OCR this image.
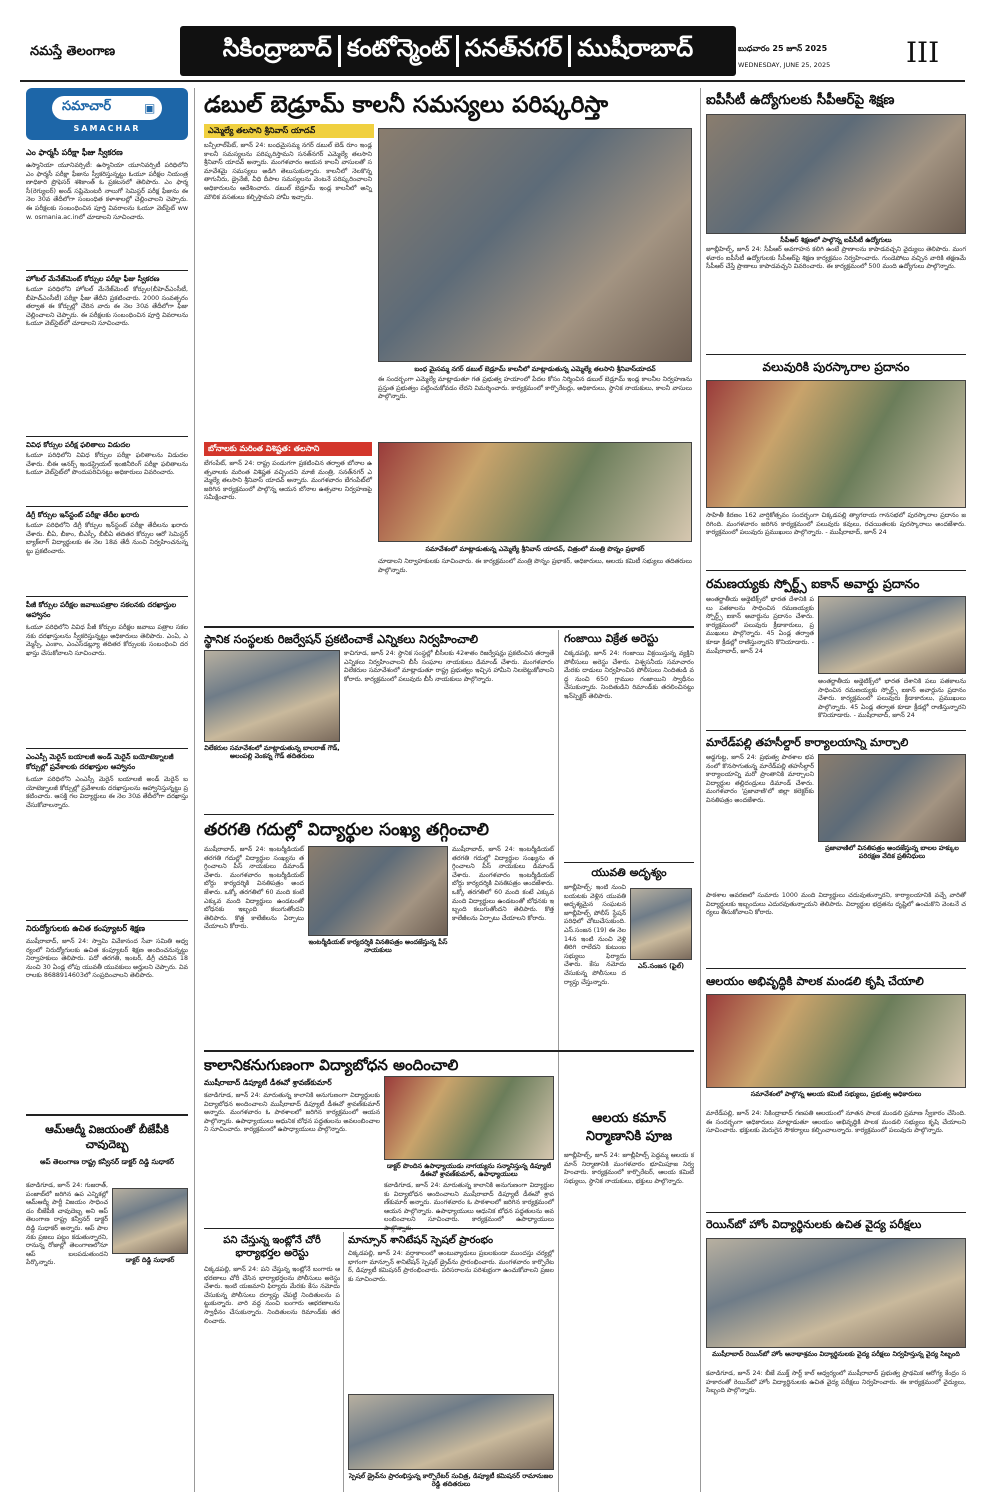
నమస్తే తెలంగాణ	సికింద్రాబాద్ కంటోన్మెంట్ సనత్‌నగర్ ముషీరాబాద్	బుధవారం 25 జూన్ 2025
WEDNESDAY, JUNE 25, 2025	III
సమాచార్	▣
SAMACHAR
ఎం ఫార్మసీ పరీక్షా ఫీజు స్వీకరణ
ఉస్మానియా యూనివర్సిటీ: ఉస్మానియా యూనివర్సిటీ పరిధిలోని ఎం ఫార్మసీ పరీక్షా ఫీజును స్వీకరిస్తున్నట్టు ఓయూ పరీక్షల నియంత్రణాధికారి ప్రొఫెసర్ శశికాంత్ ఓ ప్రకటనలో తెలిపారు. ఎం ఫార్మసీ(రెగ్యులర్) అండ్ సప్లిమెంటరీ నాలుగో సెమిస్టర్ పరీక్ష ఫీజును ఈ నెల 30వ తేదీలోగా సంబంధిత కళాశాలల్లో చెల్లించాలని చెప్పారు. ఈ పరీక్షలకు సంబంధించిన పూర్తి వివరాలను ఓయూ వెబ్‌సైట్ www. osmania.ac.inలో చూడాలని సూచించారు.
హోటల్ మేనేజ్‌మెంట్ కోర్సుల పరీక్షా ఫీజు స్వీకరణ
ఓయూ పరిధిలోని హోటల్ మేనేజ్‌మెంట్ కోర్సుల(బీహెచ్ఎంసీటీ, బీహెచ్ఎంసీటీ) పరీక్షా ఫీజు తేదీని ప్రకటించారు. 2000 సంవత్సరం తర్వాత ఈ కోర్సుల్లో చేరిన వారు ఈ నెల 30వ తేదీలోగా ఫీజు చెల్లించాలని చెప్పారు. ఈ పరీక్షలకు సంబంధించిన పూర్తి వివరాలను ఓయూ వెబ్‌సైట్‌లో చూడాలని సూచించారు.
వివిధ కోర్సుల పరీక్ష ఫలితాలు విడుదల
ఓయూ పరిధిలోని వివిధ కోర్సుల పరీక్షా ఫలితాలను విడుదల చేశారు. బీఈ ఆనర్స్ ఇండస్ట్రియల్ ఇంజినీరింగ్ పరీక్షా ఫలితాలను ఓయూ వెబ్‌సైట్‌లో పొందుపరిచినట్టు అధికారులు వివరించారు.
డిగ్రీ కోర్సుల ఇన్‌స్టంట్ పరీక్షా తేదీల ఖరారు
ఓయూ పరిధిలోని డిగ్రీ కోర్సుల ఇన్‌స్టంట్ పరీక్షా తేదీలను ఖరారు చేశారు. బీఏ, బీకాం, బీఎస్సీ, బీబీఏ తదితర కోర్సుల ఆరో సెమిస్టర్ బ్యాక్‌లాగ్ విద్యార్థులకు ఈ నెల 18వ తేదీ నుంచి నిర్వహించనున్నట్టు ప్రకటించారు.
పీజీ కోర్సుల పరీక్షల జవాబుపత్రాల సకలనకు దరఖాస్తుల ఆహ్వానం
ఓయూ పరిధిలోని వివిధ పీజీ కోర్సుల పరీక్షల జవాబు పత్రాల సకలనకు దరఖాస్తులను స్వీకరిస్తున్నట్టు అధికారులు తెలిపారు. ఎంఏ, ఎమ్మెస్సీ, ఎంకాం, ఎంఎస్‌డబ్ల్యూ తదితర కోర్సులకు సంబంధించి దరఖాస్తు చేసుకోవాలని సూచించారు.
ఎంఎస్సీ మెరైన్ బయాలజీ అండ్ మెరైన్ బయోటెక్నాలజీ కోర్సుల్లో ప్రవేశాలకు దరఖాస్తుల ఆహ్వానం
ఓయూ పరిధిలోని ఎంఎస్సీ మెరైన్ బయాలజీ అండ్ మెరైన్ బయోటెక్నాలజీ కోర్సుల్లో ప్రవేశాలకు దరఖాస్తులను ఆహ్వానిస్తున్నట్టు ప్రకటించారు. ఆసక్తి గల విద్యార్థులు ఈ నెల 30వ తేదీలోగా దరఖాస్తు చేసుకోవాలన్నారు.
నిరుద్యోగులకు ఉచిత కంప్యూటర్ శిక్షణ
ముషీరాబాద్, జూన్ 24: స్వామి వివేకానంద సేవా సమితి ఆధ్వర్యంలో నిరుద్యోగులకు ఉచిత కంప్యూటర్ శిక్షణ అందించనున్నట్టు నిర్వాహకులు తెలిపారు. పదో తరగతి, ఇంటర్, డిగ్రీ చదివిన 18 నుంచి 30 ఏండ్ల లోపు యువతీ యువకులు అర్హులని చెప్పారు. వివరాలకు 8688914603లో సంప్రదించాలని తెలిపారు.
ఆమ్‌ఆద్మీ విజయంతో బీజేపీకి చావుదెబ్బ
ఆప్ తెలంగాణ రాష్ట్ర కన్వీనర్ డాక్టర్ దిడ్డి సుధాకర్
కవాడిగూడ, జూన్ 24: గుజరాత్, పంజాబ్‌లో జరిగిన ఉప ఎన్నికల్లో ఆమ్‌ఆద్మీ పార్టీ విజయం సాధించడం బీజేపీకి చావుదెబ్బ అని ఆప్ తెలంగాణ రాష్ట్ర కన్వీనర్ డాక్టర్ దిడ్డి సుధాకర్ అన్నారు. ఆప్ పాలనకు ప్రజలు పట్టం కడుతున్నారని, రానున్న రోజుల్లో తెలంగాణలోనూ ఆప్ బలపడుతుందని పేర్కొన్నారు.	డాక్టర్ దిడ్డి సుధాకర్
డబుల్ బెడ్రూమ్ కాలనీ సమస్యలు పరిష్కరిస్తా
ఎమ్మెల్యే తలసాని శ్రీనివాస్ యాదవ్
బన్సీలాల్‌పేట్, జూన్ 24: బంధమైసమ్మ నగర్ డబుల్ బెడ్ రూం ఇండ్ల కాలనీ సమస్యలను పరిష్కరిస్తామని సనత్‌నగర్ ఎమ్మెల్యే తలసాని శ్రీనివాస్ యాదవ్ అన్నారు. మంగళవారం ఆయన కాలనీ వాసులతో సమావేశమై సమస్యలు అడిగి తెలుసుకున్నారు. కాలనీలో నెలకొన్న తాగునీరు, డ్రైనేజీ, వీధి దీపాల సమస్యలను వెంటనే పరిష్కరించాలని అధికారులను ఆదేశించారు. డబుల్ బెడ్రూమ్ ఇండ్ల కాలనీలో అన్ని మౌలిక వసతులు కల్పిస్తామని హామీ ఇచ్చారు.
బంధ మైసమ్మ నగర్ డబుల్ బెడ్రూమ్ కాలనీలో మాట్లాడుతున్న ఎమ్మెల్యే తలసాని శ్రీనివాస్‌యాదవ్
ఈ సందర్భంగా ఎమ్మెల్యే మాట్లాడుతూ గత ప్రభుత్వ హయాంలో పేదల కోసం నిర్మించిన డబుల్ బెడ్రూమ్ ఇండ్ల కాలనీల నిర్వహణను ప్రస్తుత ప్రభుత్వం పట్టించుకోవడం లేదని విమర్శించారు. కార్యక్రమంలో కార్పొరేటర్లు, అధికారులు, స్థానిక నాయకులు, కాలనీ వాసులు పాల్గొన్నారు.
బోనాలకు మరింత విశిష్టత: తలసాని
బేగంపేట్, జూన్ 24: రాష్ట్ర పండుగగా ప్రకటించిన తర్వాత బోనాల ఉత్సవాలకు మరింత విశిష్టత వచ్చిందని మాజీ మంత్రి, సనత్‌నగర్ ఎమ్మెల్యే తలసాని శ్రీనివాస్ యాదవ్ అన్నారు. మంగళవారం బేగంపేట్‌లో జరిగిన కార్యక్రమంలో పాల్గొన్న ఆయన బోనాల ఉత్సవాల నిర్వహణపై సమీక్షించారు.
సమావేశంలో మాట్లాడుతున్న ఎమ్మెల్యే శ్రీనివాస్ యాదవ్, చిత్రంలో మంత్రి పొన్నం ప్రభాకర్
చూడాలని నిర్వాహకులకు సూచించారు. ఈ కార్యక్రమంలో మంత్రి పొన్నం ప్రభాకర్, అధికారులు, ఆలయ కమిటీ సభ్యులు తదితరులు పాల్గొన్నారు.
స్థానిక సంస్థలకు రిజర్వేషన్ ప్రకటించాకే ఎన్నికలు నిర్వహించాలి
విలేకరుల సమావేశంలో మాట్లాడుతున్న బాలరాజ్ గౌడ్, అలంపల్లి వెంకన్న గౌడ్ తదితరులు
కాచిగూడ, జూన్ 24: స్థానిక సంస్థల్లో బీసీలకు 42శాతం రిజర్వేషన్లు ప్రకటించిన తర్వాతే ఎన్నికలు నిర్వహించాలని బీసీ సంఘాల నాయకులు డిమాండ్ చేశారు. మంగళవారం విలేకరుల సమావేశంలో మాట్లాడుతూ రాష్ట్ర ప్రభుత్వం ఇచ్చిన హామీని నిలబెట్టుకోవాలని కోరారు. కార్యక్రమంలో పలువురు బీసీ నాయకులు పాల్గొన్నారు.
గంజాయి విక్రేత అరెస్టు
చిక్కడపల్లి, జూన్ 24: గంజాయి విక్రయిస్తున్న వ్యక్తిని పోలీసులు అరెస్టు చేశారు. విశ్వసనీయ సమాచారం మేరకు దాడులు నిర్వహించిన పోలీసులు నిందితుడి వద్ద నుంచి 650 గ్రాముల గంజాయిని స్వాధీనం చేసుకున్నారు. నిందితుడిని రిమాండ్‌కు తరలించినట్టు ఇన్‌స్పెక్టర్ తెలిపారు.
తరగతి గదుల్లో విద్యార్థుల సంఖ్య తగ్గించాలి
ముషీరాబాద్, జూన్ 24: ఇంటర్మీడియట్ తరగతి గదుల్లో విద్యార్థుల సంఖ్యను తగ్గించాలని పీస్ నాయకులు డిమాండ్ చేశారు. మంగళవారం ఇంటర్మీడియట్ బోర్డు కార్యదర్శికి వినతిపత్రం అందజేశారు. ఒక్కో తరగతిలో 60 మంది కంటే ఎక్కువ మంది విద్యార్థులు ఉండటంతో బోధనకు ఇబ్బంది కలుగుతోందని తెలిపారు. కొత్త కాలేజీలను ఏర్పాటు చేయాలని కోరారు.
ఇంటర్మీడియట్ కార్యదర్శికి వినతిపత్రం అందజేస్తున్న పీస్ నాయకులు
ముషీరాబాద్, జూన్ 24: ఇంటర్మీడియట్ తరగతి గదుల్లో విద్యార్థుల సంఖ్యను తగ్గించాలని పీస్ నాయకులు డిమాండ్ చేశారు. మంగళవారం ఇంటర్మీడియట్ బోర్డు కార్యదర్శికి వినతిపత్రం అందజేశారు. ఒక్కో తరగతిలో 60 మంది కంటే ఎక్కువ మంది విద్యార్థులు ఉండటంతో బోధనకు ఇబ్బంది కలుగుతోందని తెలిపారు. కొత్త కాలేజీలను ఏర్పాటు చేయాలని కోరారు.
యువతి అదృశ్యం
జూబ్లీహిల్స్: ఇంటి నుంచి బయటకు వెళ్లిన యువతి అదృశ్యమైన సంఘటన జూబ్లీహిల్స్ పోలీస్ స్టేషన్ పరిధిలో చోటుచేసుకుంది. ఎస్.సంజన (19) ఈ నెల 14న ఇంటి నుంచి వెళ్లి తిరిగి రాలేదని కుటుంబ సభ్యులు ఫిర్యాదు చేశారు. కేసు నమోదు చేసుకున్న పోలీసులు దర్యాప్తు చేస్తున్నారు.
ఎస్.సంజన (ఫైల్)
కాలానికనుగుణంగా విద్యాబోధన అందించాలి
ముషీరాబాద్ డిప్యూటీ డీఈవో శ్రావణ్‌కుమార్
కవాడిగూడ, జూన్ 24: మారుతున్న కాలానికి అనుగుణంగా విద్యార్థులకు విద్యాబోధన అందించాలని ముషీరాబాద్ డిప్యూటీ డీఈవో శ్రావణ్‌కుమార్ అన్నారు. మంగళవారం ఓ పాఠశాలలో జరిగిన కార్యక్రమంలో ఆయన పాల్గొన్నారు. ఉపాధ్యాయులు ఆధునిక బోధన పద్ధతులను అవలంబించాలని సూచించారు. కార్యక్రమంలో ఉపాధ్యాయులు పాల్గొన్నారు.
డాక్టర్ పొందిన ఉపాధ్యాయుడు నాగయ్యను సన్మానిస్తున్న డిప్యూటీ డీఈవో శ్రావణ్‌కుమార్, ఉపాధ్యాయులు
కవాడిగూడ, జూన్ 24: మారుతున్న కాలానికి అనుగుణంగా విద్యార్థులకు విద్యాబోధన అందించాలని ముషీరాబాద్ డిప్యూటీ డీఈవో శ్రావణ్‌కుమార్ అన్నారు. మంగళవారం ఓ పాఠశాలలో జరిగిన కార్యక్రమంలో ఆయన పాల్గొన్నారు. ఉపాధ్యాయులు ఆధునిక బోధన పద్ధతులను అవలంబించాలని సూచించారు. కార్యక్రమంలో ఉపాధ్యాయులు
ఆలయ కమాన్ నిర్మాణానికి పూజ
జూబ్లీహిల్స్, జూన్ 24: జూబ్లీహిల్స్ పెద్దమ్మ ఆలయ కమాన్ నిర్మాణానికి మంగళవారం భూమిపూజ నిర్వహించారు. కార్యక్రమంలో కార్పొరేటర్, ఆలయ కమిటీ సభ్యులు, స్థానిక నాయకులు, భక్తులు పాల్గొన్నారు.
పని చేస్తున్న ఇంట్లోనే చోరీ భార్యాభర్తల అరెస్టు
చిక్కడపల్లి, జూన్ 24: పని చేస్తున్న ఇంట్లోనే బంగారు ఆభరణాలు చోరీ చేసిన భార్యాభర్తలను పోలీసులు అరెస్టు చేశారు. ఇంటి యజమాని ఫిర్యాదు మేరకు కేసు నమోదు చేసుకున్న పోలీసులు దర్యాప్తు చేపట్టి నిందితులను పట్టుకున్నారు. వారి వద్ద నుంచి బంగారు ఆభరణాలను స్వాధీనం చేసుకున్నారు. నిందితులను రిమాండ్‌కు తరలించారు.
మాన్సూన్ శానిటేషన్ స్పెషల్ ప్రారంభం
చిక్కడపల్లి, జూన్ 24: వర్షాకాలంలో అంటువ్యాధులు ప్రబలకుండా ముందస్తు చర్యల్లో భాగంగా మాన్సూన్ శానిటేషన్ స్పెషల్ డ్రైవ్‌ను ప్రారంభించారు. మంగళవారం కార్పొరేటర్, డిప్యూటీ కమిషనర్ ప్రారంభించారు. పరిసరాలను పరిశుభ్రంగా ఉంచుకోవాలని ప్రజలకు సూచించారు.
స్పెషల్ డ్రైవ్‌ను ప్రారంభిస్తున్న కార్పొరేటర్ సుచిత్ర, డిప్యూటీ కమిషనర్ రామానుజల రెడ్డి తదితరులు
ఐపీసీటీ ఉద్యోగులకు సీపీఆర్‌పై శిక్షణ
సీపీఆర్ శిక్షణలో పాల్గొన్న ఐపీసీటీ ఉద్యోగులు
జూబ్లీహిల్స్, జూన్ 24: సీపీఆర్ అవగాహన కలిగి ఉంటే ప్రాణాలను కాపాడవచ్చని వైద్యులు తెలిపారు. మంగళవారం ఐపీసీటీ ఉద్యోగులకు సీపీఆర్‌పై శిక్షణ కార్యక్రమం నిర్వహించారు. గుండెపోటు వచ్చిన వారికి తక్షణమే సీపీఆర్ చేస్తే ప్రాణాలు కాపాడవచ్చని వివరించారు. ఈ కార్యక్రమంలో 500 మంది ఉద్యోగులు పాల్గొన్నారు.
వలువురికి పురస్కారాల ప్రదానం
సాహితీ కిరణం 162 వార్షికోత్సవం సందర్భంగా చిక్కడపల్లి త్యాగరాయ గానసభలో పురస్కారాల ప్రదానం జరిగింది. మంగళవారం జరిగిన కార్యక్రమంలో పలువురు కవులు, రచయితలకు పురస్కారాలు అందజేశారు. కార్యక్రమంలో పలువురు ప్రముఖులు పాల్గొన్నారు. - ముషీరాబాద్, జూన్ 24
రమణయ్యకు స్పోర్ట్స్ ఐకాన్ అవార్డు ప్రదానం
అంతర్జాతీయ అథ్లెటిక్స్‌లో భారత దేశానికి పలు పతకాలను సాధించిన రమణయ్యకు స్పోర్ట్స్ ఐకాన్ అవార్డును ప్రదానం చేశారు. కార్యక్రమంలో పలువురు క్రీడాకారులు, ప్రముఖులు పాల్గొన్నారు. 45 ఏండ్ల తర్వాత కూడా క్రీడల్లో రాణిస్తున్నారని కొనియాడారు. - ముషీరాబాద్, జూన్ 24
అంతర్జాతీయ అథ్లెటిక్స్‌లో భారత దేశానికి పలు పతకాలను సాధించిన రమణయ్యకు స్పోర్ట్స్ ఐకాన్ అవార్డును ప్రదానం చేశారు. కార్యక్రమంలో పలువురు క్రీడాకారులు, ప్రముఖులు పాల్గొన్నారు. 45 ఏండ్ల తర్వాత కూడా క్రీడల్లో రాణిస్తున్నారని కొనియాడారు. - ముషీరాబాద్, జూన్ 24
మారేడ్‌పల్లి తహసీల్దార్ కార్యాలయాన్ని మార్చాలి
అడ్డగుట్ట, జూన్ 24: ప్రభుత్వ పాఠశాల భవనంలో కొనసాగుతున్న మారేడ్‌పల్లి తహసీల్దార్ కార్యాలయాన్ని మరో ప్రాంతానికి మార్చాలని విద్యార్థుల తల్లిదండ్రులు డిమాండ్ చేశారు. మంగళవారం 'ప్రజావాణి'లో జిల్లా కలెక్టర్‌కు వినతిపత్రం అందజేశారు.
ప్రజావాణిలో వినతిపత్రం అందజేస్తున్న బాలల హక్కుల పరిరక్షణ వేదిక ప్రతినిధులు
పాఠశాల ఆవరణలో సుమారు 1000 మంది విద్యార్థులు చదువుతున్నారని, కార్యాలయానికి వచ్చే వారితో విద్యార్థులకు ఇబ్బందులు ఎదురవుతున్నాయని తెలిపారు. విద్యార్థుల భద్రతను దృష్టిలో ఉంచుకొని వెంటనే చర్యలు తీసుకోవాలని కోరారు.
ఆలయం అభివృద్ధికి పాలక మండలి కృషి చేయాలి
సమావేశంలో పాల్గొన్న ఆలయ కమిటీ సభ్యులు, ప్రభుత్వ అధికారులు
మారేడ్‌పల్లి, జూన్ 24: సికింద్రాబాద్ గణపతి ఆలయంలో నూతన పాలక మండలి ప్రమాణ స్వీకారం చేసింది. ఈ సందర్భంగా అధికారులు మాట్లాడుతూ ఆలయం అభివృద్ధికి పాలక మండలి సభ్యులు కృషి చేయాలని సూచించారు. భక్తులకు మెరుగైన సౌకర్యాలు కల్పించాలన్నారు. కార్యక్రమంలో పలువురు పాల్గొన్నారు.
రెయిన్‌బో హోం విద్యార్థినులకు ఉచిత వైద్య పరీక్షలు
ముషీరాబాద్ రెయిన్‌బో హోం ఆనాథాశ్రమం విద్యార్థినులకు వైద్య పరీక్షలు నిర్వహిస్తున్న వైద్య సిబ్బంది
కవాడిగూడ, జూన్ 24: బీజే ముక్త్ సార్ట్ కాల్ ఆధ్వర్యంలో ముషీరాబాద్ ప్రభుత్వ ప్రాథమిక ఆరోగ్య కేంద్రం సహకారంతో రెయిన్‌బో హోం విద్యార్థినులకు ఉచిత వైద్య పరీక్షలు నిర్వహించారు. ఈ కార్యక్రమంలో వైద్యులు, సిబ్బంది పాల్గొన్నారు.
